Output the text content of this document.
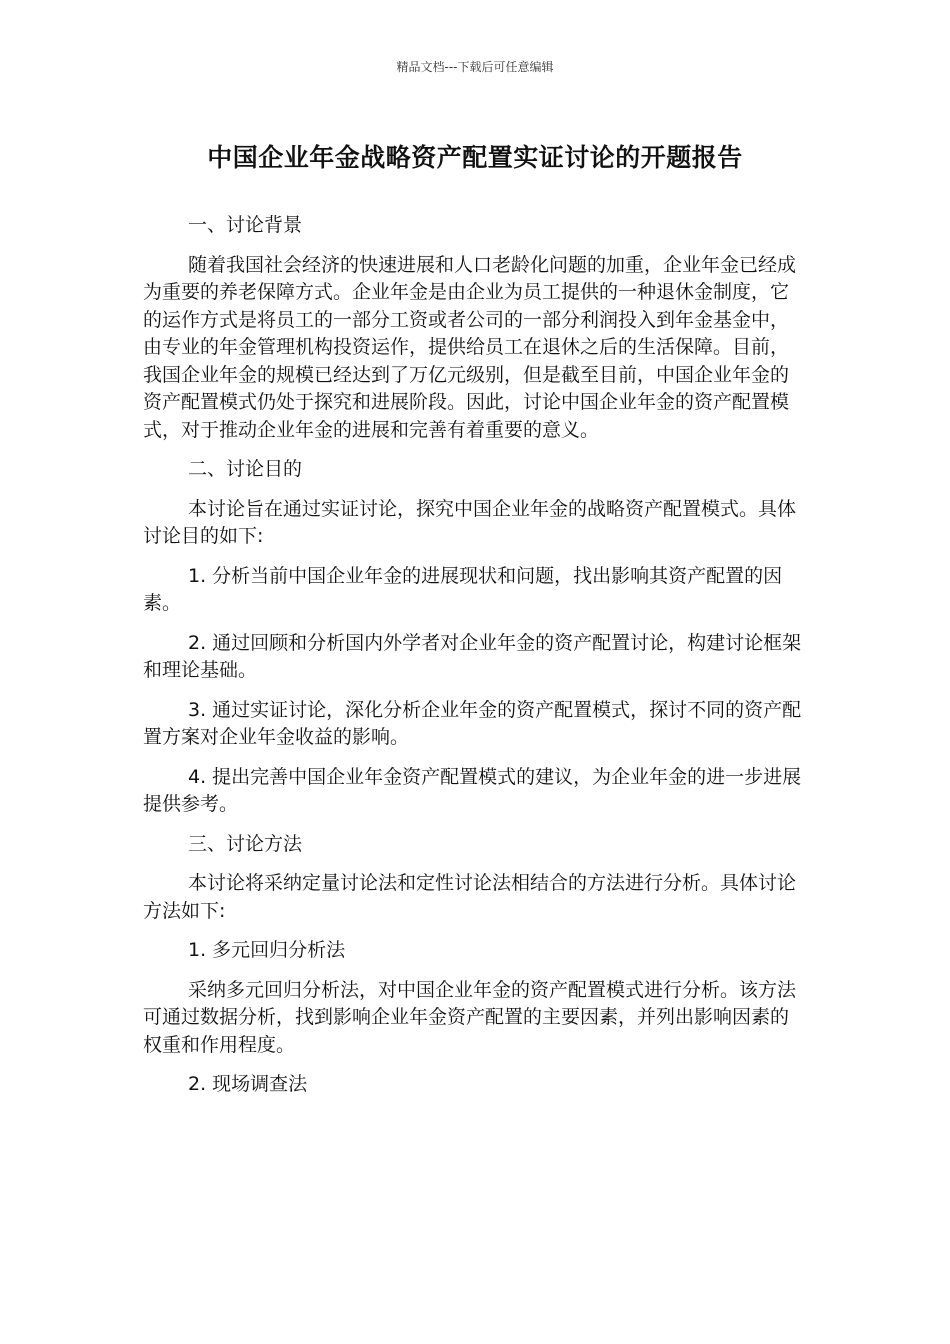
精品文档---下载后可任意编辑
中国企业年金战略资产配置实证讨论的开题报告

一、讨论背景

随着我国社会经济的快速进展和人口老龄化问题的加重，企业年金已经成为重要的养老保障方式。企业年金是由企业为员工提供的一种退休金制度，它的运作方式是将员工的一部分工资或者公司的一部分利润投入到年金基金中，由专业的年金管理机构投资运作，提供给员工在退休之后的生活保障。目前，我国企业年金的规模已经达到了万亿元级别，但是截至目前，中国企业年金的资产配置模式仍处于探究和进展阶段。因此，讨论中国企业年金的资产配置模式，对于推动企业年金的进展和完善有着重要的意义。

二、讨论目的

本讨论旨在通过实证讨论，探究中国企业年金的战略资产配置模式。具体讨论目的如下:

1. 分析当前中国企业年金的进展现状和问题，找出影响其资产配置的因素。

2. 通过回顾和分析国内外学者对企业年金的资产配置讨论，构建讨论框架和理论基础。

3. 通过实证讨论，深化分析企业年金的资产配置模式，探讨不同的资产配置方案对企业年金收益的影响。

4. 提出完善中国企业年金资产配置模式的建议，为企业年金的进一步进展提供参考。

三、讨论方法

本讨论将采纳定量讨论法和定性讨论法相结合的方法进行分析。具体讨论方法如下:

1. 多元回归分析法

采纳多元回归分析法，对中国企业年金的资产配置模式进行分析。该方法可通过数据分析，找到影响企业年金资产配置的主要因素，并列出影响因素的权重和作用程度。

2. 现场调查法
